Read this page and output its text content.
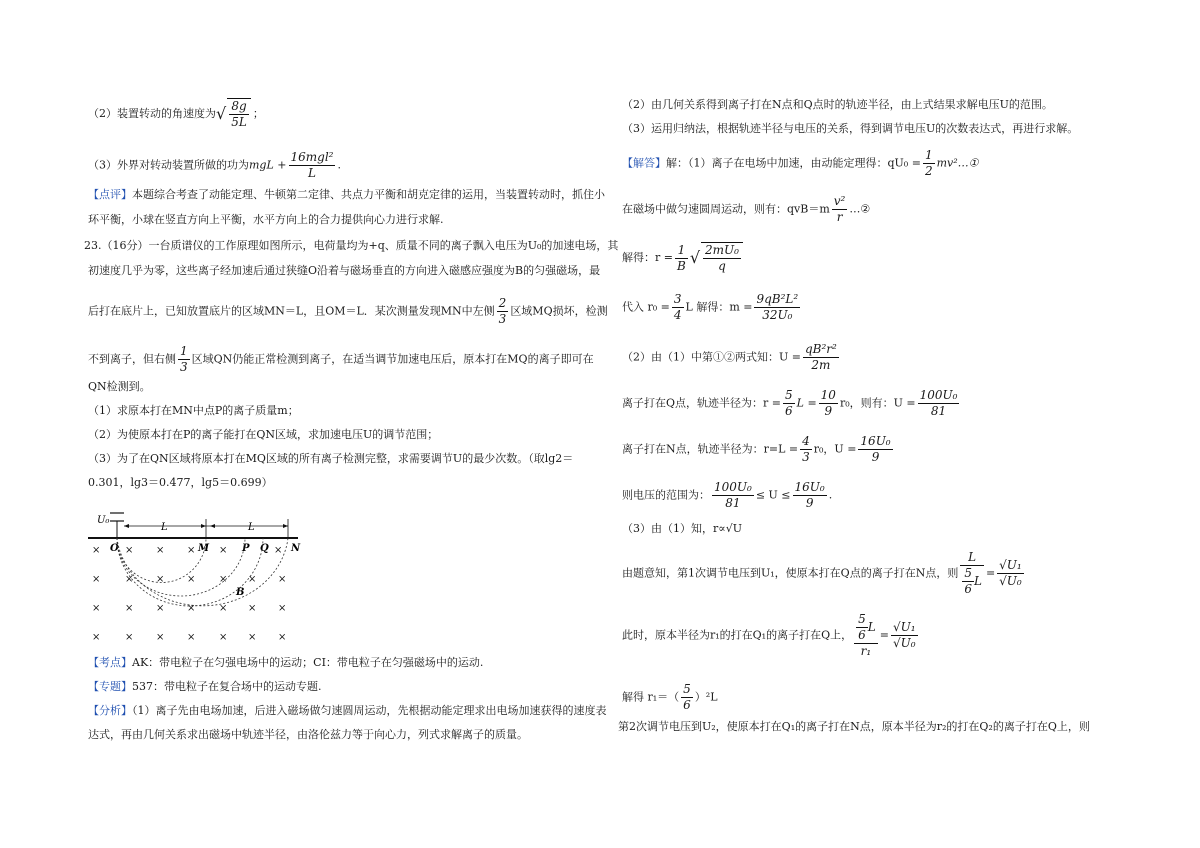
（2）装置转动的角速度为√ $\frac{8g}{5L}$ ；
（3）外界对转动装置所做的功为mgL + $\frac{\text{16mgl²}}{L}$ .
【点评】本题综合考查了动能定理、牛顿第二定律、共点力平衡和胡克定律的运用，当装置转动时，抓住小
环平衡，小球在竖直方向上平衡，水平方向上的合力提供向心力进行求解.
23.（16分）一台质谱仪的工作原理如图所示，电荷量均为+q、质量不同的离子飘入电压为U₀的加速电场，其
初速度几乎为零，这些离子经加速后通过狭缝O沿着与磁场垂直的方向进入磁感应强度为B的匀强磁场，最
后打在底片上，已知放置底片的区域MN＝L，且OM＝L．某次测量发现MN中左侧 $\frac{2}{3}$ 区域MQ损坏，检测
不到离子，但右侧 $\frac{1}{3}$ 区域QN仍能正常检测到离子，在适当调节加速电压后，原本打在MQ的离子即可在
QN检测到。
（1）求原本打在MN中点P的离子质量m；
（2）为使原本打在P的离子能打在QN区域，求加速电压U的调节范围；
（3）为了在QN区域将原本打在MQ区域的所有离子检测完整，求需要调节U的最少次数。（取lg2＝
0.301，lg3＝0.477，lg5＝0.699）
U₀
L	L
O	M	P Q N
B
× × × × ×	×
× × × × × × ×
× × × × × × ×
× × × × × × ×
【考点】AK：带电粒子在匀强电场中的运动；CI：带电粒子在匀强磁场中的运动.
【专题】537：带电粒子在复合场中的运动专题.
【分析】（1）离子先由电场加速，后进入磁场做匀速圆周运动，先根据动能定理求出电场加速获得的速度表
达式，再由几何关系求出磁场中轨迹半径，由洛伦兹力等于向心力，列式求解离子的质量。
（2）由几何关系得到离子打在N点和Q点时的轨迹半径，由上式结果求解电压U的范围。
（3）运用归纳法，根据轨迹半径与电压的关系，得到调节电压U的次数表达式，再进行求解。
【解答】解：（1）离子在电场中加速，由动能定理得：$qU_0 = \frac{1}{2}$ mv²…①
在磁场中做匀速圆周运动，则有：$qvB=m \frac{\text{v²}}{r}$ …②
解得：$r = \frac{1}{B}$ √ $\frac{\text{2mU₀}}{q}$
代入 $r_0 = \frac{3}{4}$ L 解得：$m = \frac{\text{9qB²L²}}{\text{32U₀}}$
（2）由（1）中第①②两式知：$U = \frac{\text{qB²r²}}{2m}$
离子打在Q点，轨迹半径为：$r = \frac{5}{6}$ $L = \frac{10}{9} r_0$，则有：$U = \frac{\text{100U₀}}{81}$
离子打在N点，轨迹半径为：$r=L = \frac{4}{3} r_0$，$U = \frac{\text{16U₀}}{9}$
则电压的范围为： $\frac{\text{100U₀}}{81} \le U \le \frac{\text{16U₀}}{9}$ .
（3）由（1）知，r∝√U
由题意知，第1次调节电压到U₁，使原本打在Q点的离子打在N点，则 $\frac{L}{\frac{5}{6} L} = \frac{\text{√U₁}}{\text{√U₀}}$
此时，原本半径为r₁的打在Q₁的离子打在Q上， $\frac{\frac{5}{6} L}{\text{r₁}} = \frac{\text{√U₁}}{\text{√U₀}}$
解得 $r_1=( \frac{5}{6} )^2L$
第2次调节电压到U₂，使原本打在Q₁的离子打在N点，原本半径为r₂的打在Q₂的离子打在Q上，则
